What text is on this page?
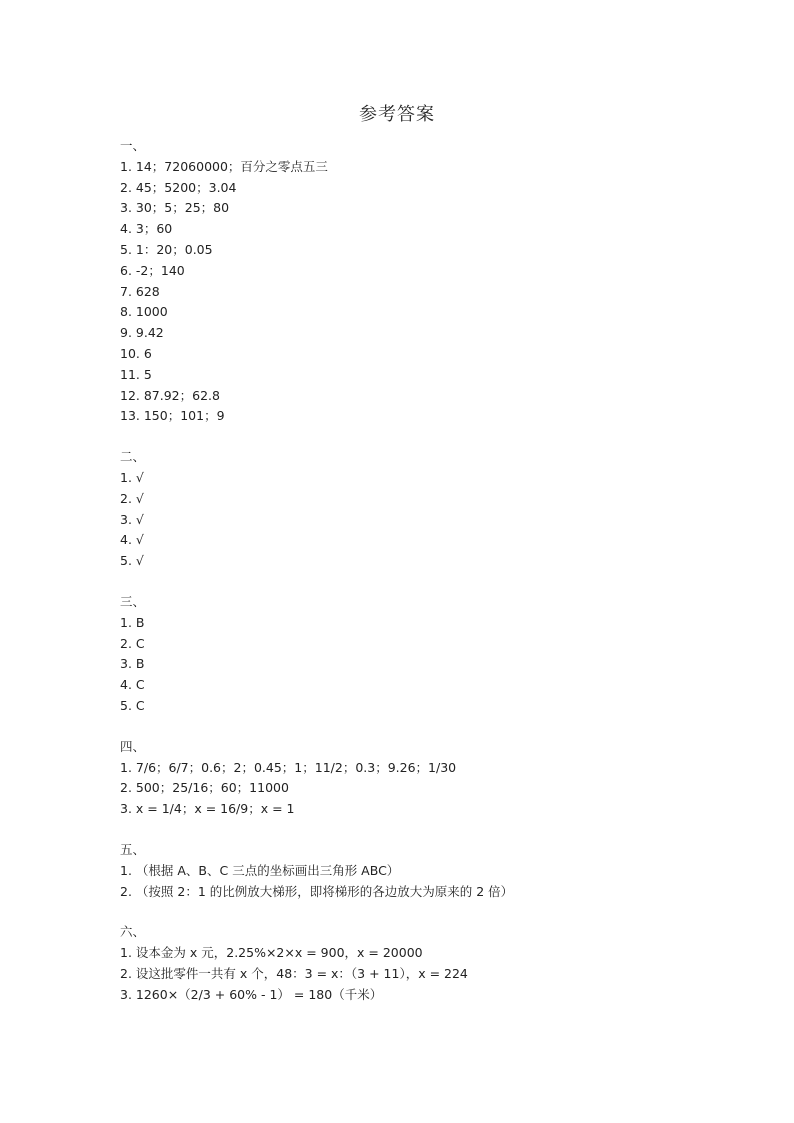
参考答案
一、
1. 14；72060000；百分之零点五三
2. 45；5200；3.04
3. 30；5；25；80
4. 3；60
5. 1：20；0.05
6. -2；140
7. 628
8. 1000
9. 9.42
10. 6
11. 5
12. 87.92；62.8
13. 150；101；9
二、
1. √
2. √
3. √
4. √
5. √
三、
1. B
2. C
3. B
4. C
5. C
四、
1. 7/6；6/7；0.6；2；0.45；1；11/2；0.3；9.26；1/30
2. 500；25/16；60；11000
3. x = 1/4；x = 16/9；x = 1
五、
1. （根据 A、B、C 三点的坐标画出三角形 ABC）
2. （按照 2：1 的比例放大梯形，即将梯形的各边放大为原来的 2 倍）
六、
1. 设本金为 x 元，2.25%×2×x = 900，x = 20000
2. 设这批零件一共有 x 个，48：3 = x：（3 + 11），x = 224
3. 1260×（2/3 + 60% - 1） = 180（千米）
